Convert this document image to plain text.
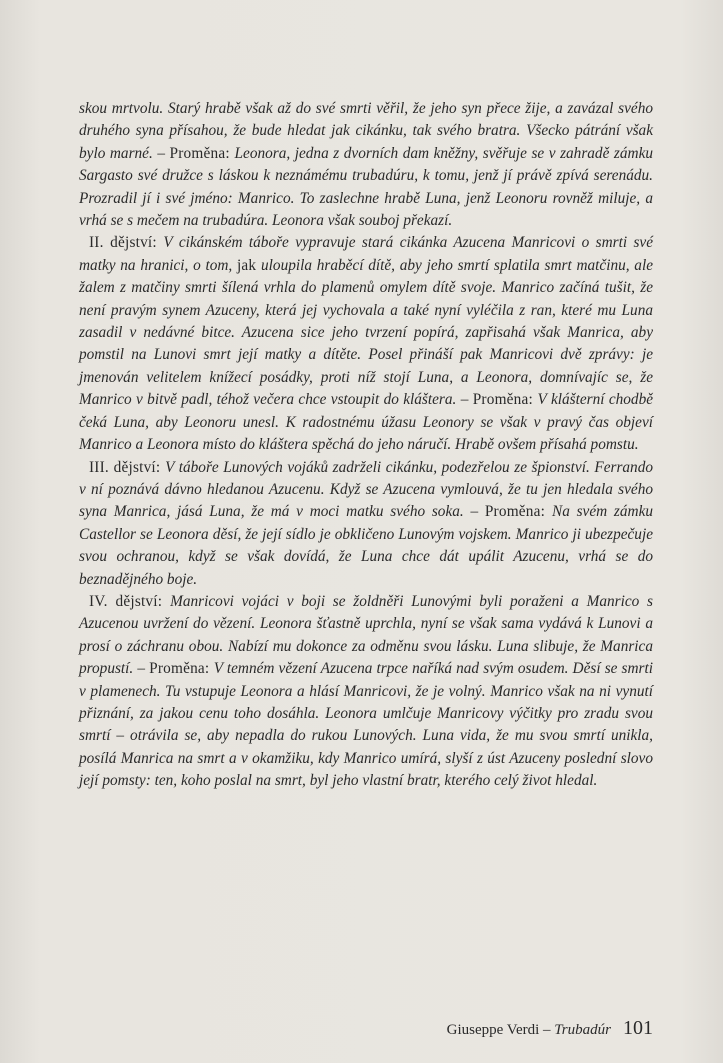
skou mrtvolu. Starý hrabě však až do své smrti věřil, že jeho syn přece žije, a zavázal svého druhého syna přísahou, že bude hledat jak cikánku, tak svého bratra. Všecko pátrání však bylo marné. – Proměna: Leonora, jedna z dvorních dam kněžny, svěřuje se v zahradě zámku Sargasto své družce s láskou k neznámému trubadúru, k tomu, jenž jí právě zpívá serenádu. Prozradil jí i své jméno: Manrico. To zaslechne hrabě Luna, jenž Leonoru rovněž miluje, a vrhá se s mečem na trubadúra. Leonora však souboj překazí.

II. dějství: V cikánském táboře vypravuje stará cikánka Azucena Manricovi o smrti své matky na hranici, o tom, jak uloupila hraběcí dítě, aby jeho smrtí splatila smrt matčinu, ale žalem z matčiny smrti šílená vrhla do plamenů omylem dítě svoje. Manrico začíná tušit, že není pravým synem Azuceny, která jej vychovala a také nyní vyléčila z ran, které mu Luna zasadil v nedávné bitce. Azucena sice jeho tvrzení popírá, zapřisahá však Manrica, aby pomstil na Lunovi smrt její matky a dítěte. Posel přináší pak Manricovi dvě zprávy: je jmenován velitelem knížecí posádky, proti níž stojí Luna, a Leonora, domnívajíc se, že Manrico v bitvě padl, téhož večera chce vstoupit do kláštera. – Proměna: V klášterní chodbě čeká Luna, aby Leonoru unesl. K radostnému úžasu Leonory se však v pravý čas objeví Manrico a Leonora místo do kláštera spěchá do jeho náručí. Hrabě ovšem přísahá pomstu.

III. dějství: V táboře Lunových vojáků zadrželi cikánku, podezřelou ze špionství. Ferrando v ní poznává dávno hledanou Azucenu. Když se Azucena vymlouvá, že tu jen hledala svého syna Manrica, jásá Luna, že má v moci matku svého soka. – Proměna: Na svém zámku Castellor se Leonora děsí, že její sídlo je obkličeno Lunovým vojskem. Manrico ji ubezpečuje svou ochranou, když se však dovídá, že Luna chce dát upálit Azucenu, vrhá se do beznadějného boje.

IV. dějství: Manricovi vojáci v boji se žoldněři Lunovými byli poraženi a Manrico s Azucenou uvržení do vězení. Leonora šťastně uprchla, nyní se však sama vydává k Lunovi a prosí o záchranu obou. Nabízí mu dokonce za odměnu svou lásku. Luna slibuje, že Manrica propustí. – Proměna: V temném vězení Azucena trpce naříká nad svým osudem. Děsí se smrti v plamenech. Tu vstupuje Leonora a hlásí Manricovi, že je volný. Manrico však na ni vynutí přiznání, za jakou cenu toho dosáhla. Leonora umlčuje Manricovy výčitky pro zradu svou smrtí – otrávila se, aby nepadla do rukou Lunových. Luna vida, že mu svou smrtí unikla, posílá Manrica na smrt a v okamžiku, kdy Manrico umírá, slyší z úst Azuceny poslední slovo její pomsty: ten, koho poslal na smrt, byl jeho vlastní bratr, kterého celý život hledal.

Giuseppe Verdi – Trubadúr 101
